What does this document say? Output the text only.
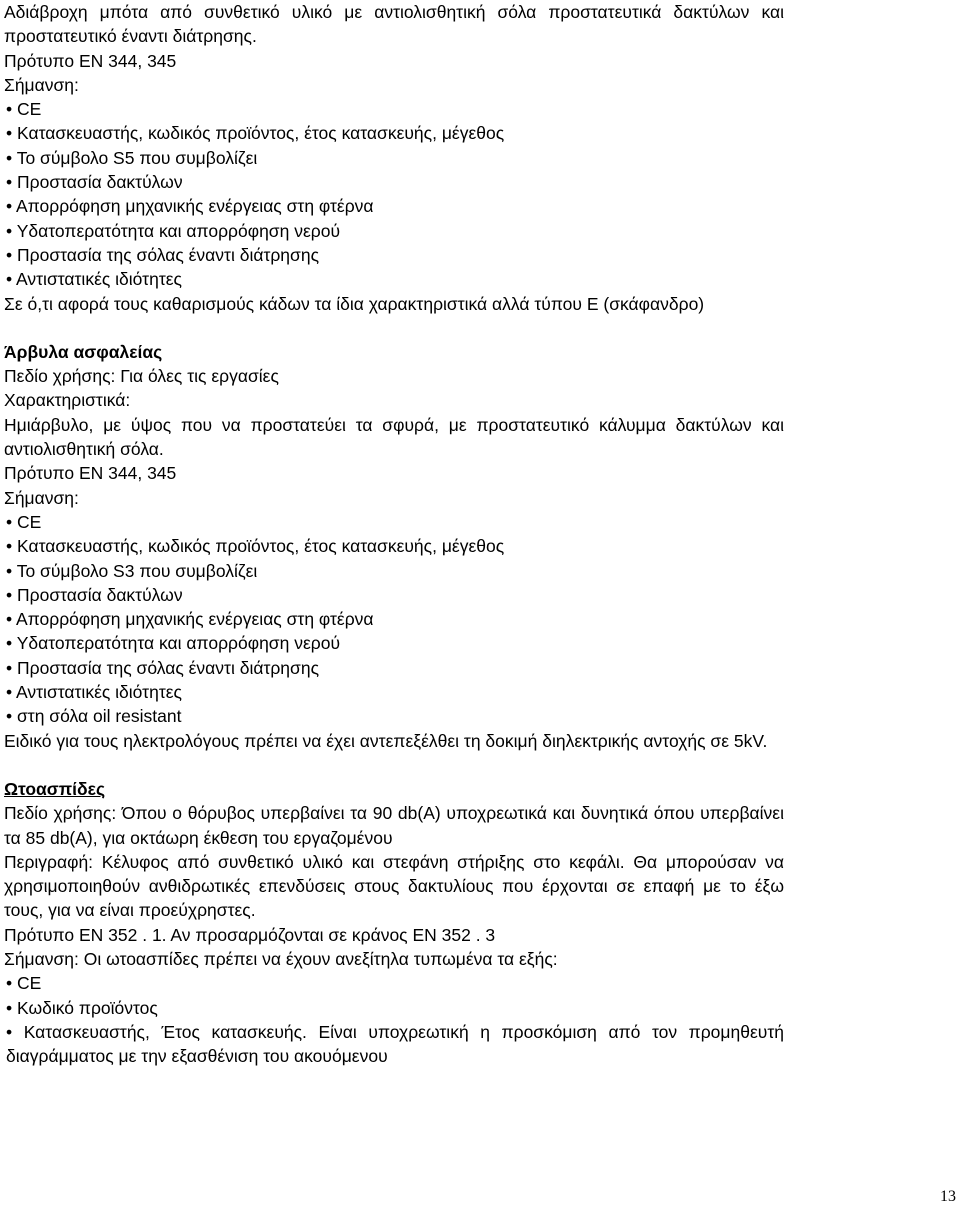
Αδιάβροχη μπότα από συνθετικό υλικό με αντιολισθητική σόλα προστατευτικά δακτύλων και προστατευτικό έναντι διάτρησης.

Πρότυπο ΕΝ 344, 345

Σήμανση:

• CE

• Κατασκευαστής, κωδικός προϊόντος, έτος κατασκευής, μέγεθος

• Το σύμβολο S5 που συμβολίζει

• Προστασία δακτύλων

• Απορρόφηση μηχανικής ενέργειας στη φτέρνα

• Υδατοπερατότητα και απορρόφηση νερού

• Προστασία της σόλας έναντι διάτρησης

• Αντιστατικές ιδιότητες

Σε ό,τι αφορά τους καθαρισμούς κάδων τα ίδια χαρακτηριστικά αλλά τύπου Ε (σκάφανδρο)

Άρβυλα ασφαλείας

Πεδίο χρήσης: Για όλες τις εργασίες

Χαρακτηριστικά:

Ημιάρβυλο, με ύψος που να προστατεύει τα σφυρά, με προστατευτικό κάλυμμα δακτύλων και αντιολισθητική σόλα.

Πρότυπο ΕΝ 344, 345

Σήμανση:

• CE

• Κατασκευαστής, κωδικός προϊόντος, έτος κατασκευής, μέγεθος

• Το σύμβολο S3 που συμβολίζει

• Προστασία δακτύλων

• Απορρόφηση μηχανικής ενέργειας στη φτέρνα

• Υδατοπερατότητα και απορρόφηση νερού

• Προστασία της σόλας έναντι διάτρησης

• Αντιστατικές ιδιότητες

• στη σόλα oil resistant

Ειδικό για τους ηλεκτρολόγους πρέπει να έχει αντεπεξέλθει τη δοκιμή διηλεκτρικής αντοχής σε 5kV.

Ωτοασπίδες

Πεδίο χρήσης: Όπου ο θόρυβος υπερβαίνει τα 90 db(A) υποχρεωτικά και δυνητικά όπου υπερβαίνει τα 85 db(A), για οκτάωρη έκθεση του εργαζομένου

Περιγραφή: Κέλυφος από συνθετικό υλικό και στεφάνη στήριξης στο κεφάλι. Θα μπορούσαν να χρησιμοποιηθούν ανθιδρωτικές επενδύσεις στους δακτυλίους που έρχονται σε επαφή με το έξω τους, για να είναι προεύχρηστες.

Πρότυπο ΕΝ 352 . 1. Αν προσαρμόζονται σε κράνος ΕΝ 352 . 3

Σήμανση: Οι ωτοασπίδες πρέπει να έχουν ανεξίτηλα τυπωμένα τα εξής:

• CE

• Κωδικό προϊόντος

• Κατασκευαστής, Έτος κατασκευής. Είναι υποχρεωτική η προσκόμιση από τον προμηθευτή διαγράμματος με την εξασθένιση του ακουόμενου

13
